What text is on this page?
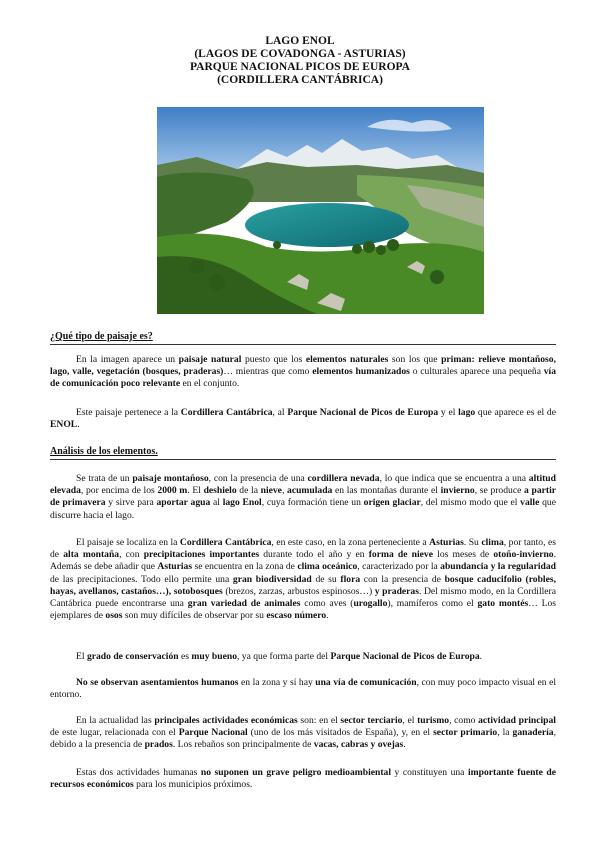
LAGO ENOL
(LAGOS DE COVADONGA - ASTURIAS)
PARQUE NACIONAL PICOS DE EUROPA
(CORDILLERA CANTÁBRICA)
¿Qué tipo de paisaje es?

En la imagen aparece un paisaje natural puesto que los elementos naturales son los que priman: relieve montañoso, lago, valle, vegetación (bosques, praderas)… mientras que como elementos humanizados o culturales aparece una pequeña vía de comunicación poco relevante en el conjunto.

Este paisaje pertenece a la Cordillera Cantábrica, al Parque Nacional de Picos de Europa y el lago que aparece es el de ENOL.

Análisis de los elementos.

Se trata de un paisaje montañoso, con la presencia de una cordillera nevada, lo que indica que se encuentra a una altitud elevada, por encima de los 2000 m. El deshielo de la nieve, acumulada en las montañas durante el invierno, se produce a partir de primavera y sirve para aportar agua al lago Enol, cuya formación tiene un origen glaciar, del mismo modo que el valle que discurre hacia el lago.

El paisaje se localiza en la Cordillera Cantábrica, en este caso, en la zona perteneciente a Asturias. Su clima, por tanto, es de alta montaña, con precipitaciones importantes durante todo el año y en forma de nieve los meses de otoño-invierno. Además se debe añadir que Asturias se encuentra en la zona de clima oceánico, caracterizado por la abundancia y la regularidad de las precipitaciones. Todo ello permite una gran biodiversidad de su flora con la presencia de bosque caducifolio (robles, hayas, avellanos, castaños…), sotobosques (brezos, zarzas, arbustos espinosos…) y praderas. Del mismo modo, en la Cordillera Cantábrica puede encontrarse una gran variedad de animales como aves (urogallo), mamíferos como el gato montés… Los ejemplares de osos son muy difíciles de observar por su escaso número.

El grado de conservación es muy bueno, ya que forma parte del Parque Nacional de Picos de Europa.

No se observan asentamientos humanos en la zona y sí hay una vía de comunicación, con muy poco impacto visual en el entorno.

En la actualidad las principales actividades económicas son: en el sector terciario, el turismo, como actividad principal de este lugar, relacionada con el Parque Nacional (uno de los más visitados de España), y, en el sector primario, la ganadería, debido a la presencia de prados. Los rebaños son principalmente de vacas, cabras y ovejas.

Estas dos actividades humanas no suponen un grave peligro medioambiental y constituyen una importante fuente de recursos económicos para los municipios próximos.
